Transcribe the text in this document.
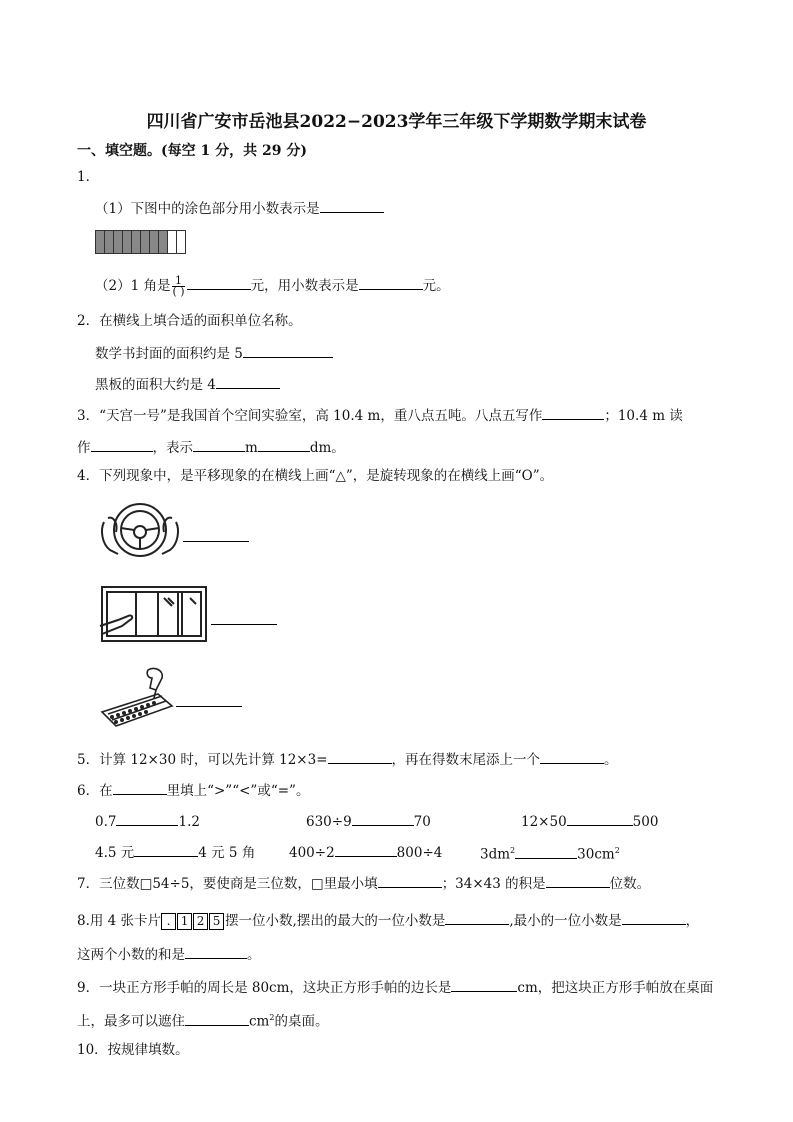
四川省广安市岳池县2022−2023学年三年级下学期数学期末试卷
一、填空题。(每空 1 分，共 29 分)
1．
（1）下图中的涂色部分用小数表示是
（2）1 角是 $\frac{1}{( )}$	元，用小数表示是	元。
2．在横线上填合适的面积单位名称。
数学书封面的面积约是 5
黑板的面积大约是 4
3．“天宫一号”是我国首个空间实验室，高 10.4 m，重八点五吨。八点五写作	；10.4 m 读
作	，表示	m	dm。
4．下列现象中，是平移现象的在横线上画“△”，是旋转现象的在横线上画“O”。
5．计算 12×30 时，可以先计算 12×3=	，再在得数末尾添上一个	。
6．在	里填上“>”“<”或“=”。
0.7	1.2	630÷9	70	12×50	500
4.5 元	4 元 5 角 400÷2	800÷4	$3dm^2$	$30cm^2$
7．三位数□54÷5，要使商是三位数，□里最小填	；34×43 的积是	位数。
8.用 4 张卡片 . 1 2 5 摆一位小数,摆出的最大的一位小数是	,最小的一位小数是	，
这两个小数的和是	。
9．一块正方形手帕的周长是 80cm，这块正方形手帕的边长是	cm，把这块正方形手帕放在桌面
上，最多可以遮住	$cm^2$的桌面。
10．按规律填数。
